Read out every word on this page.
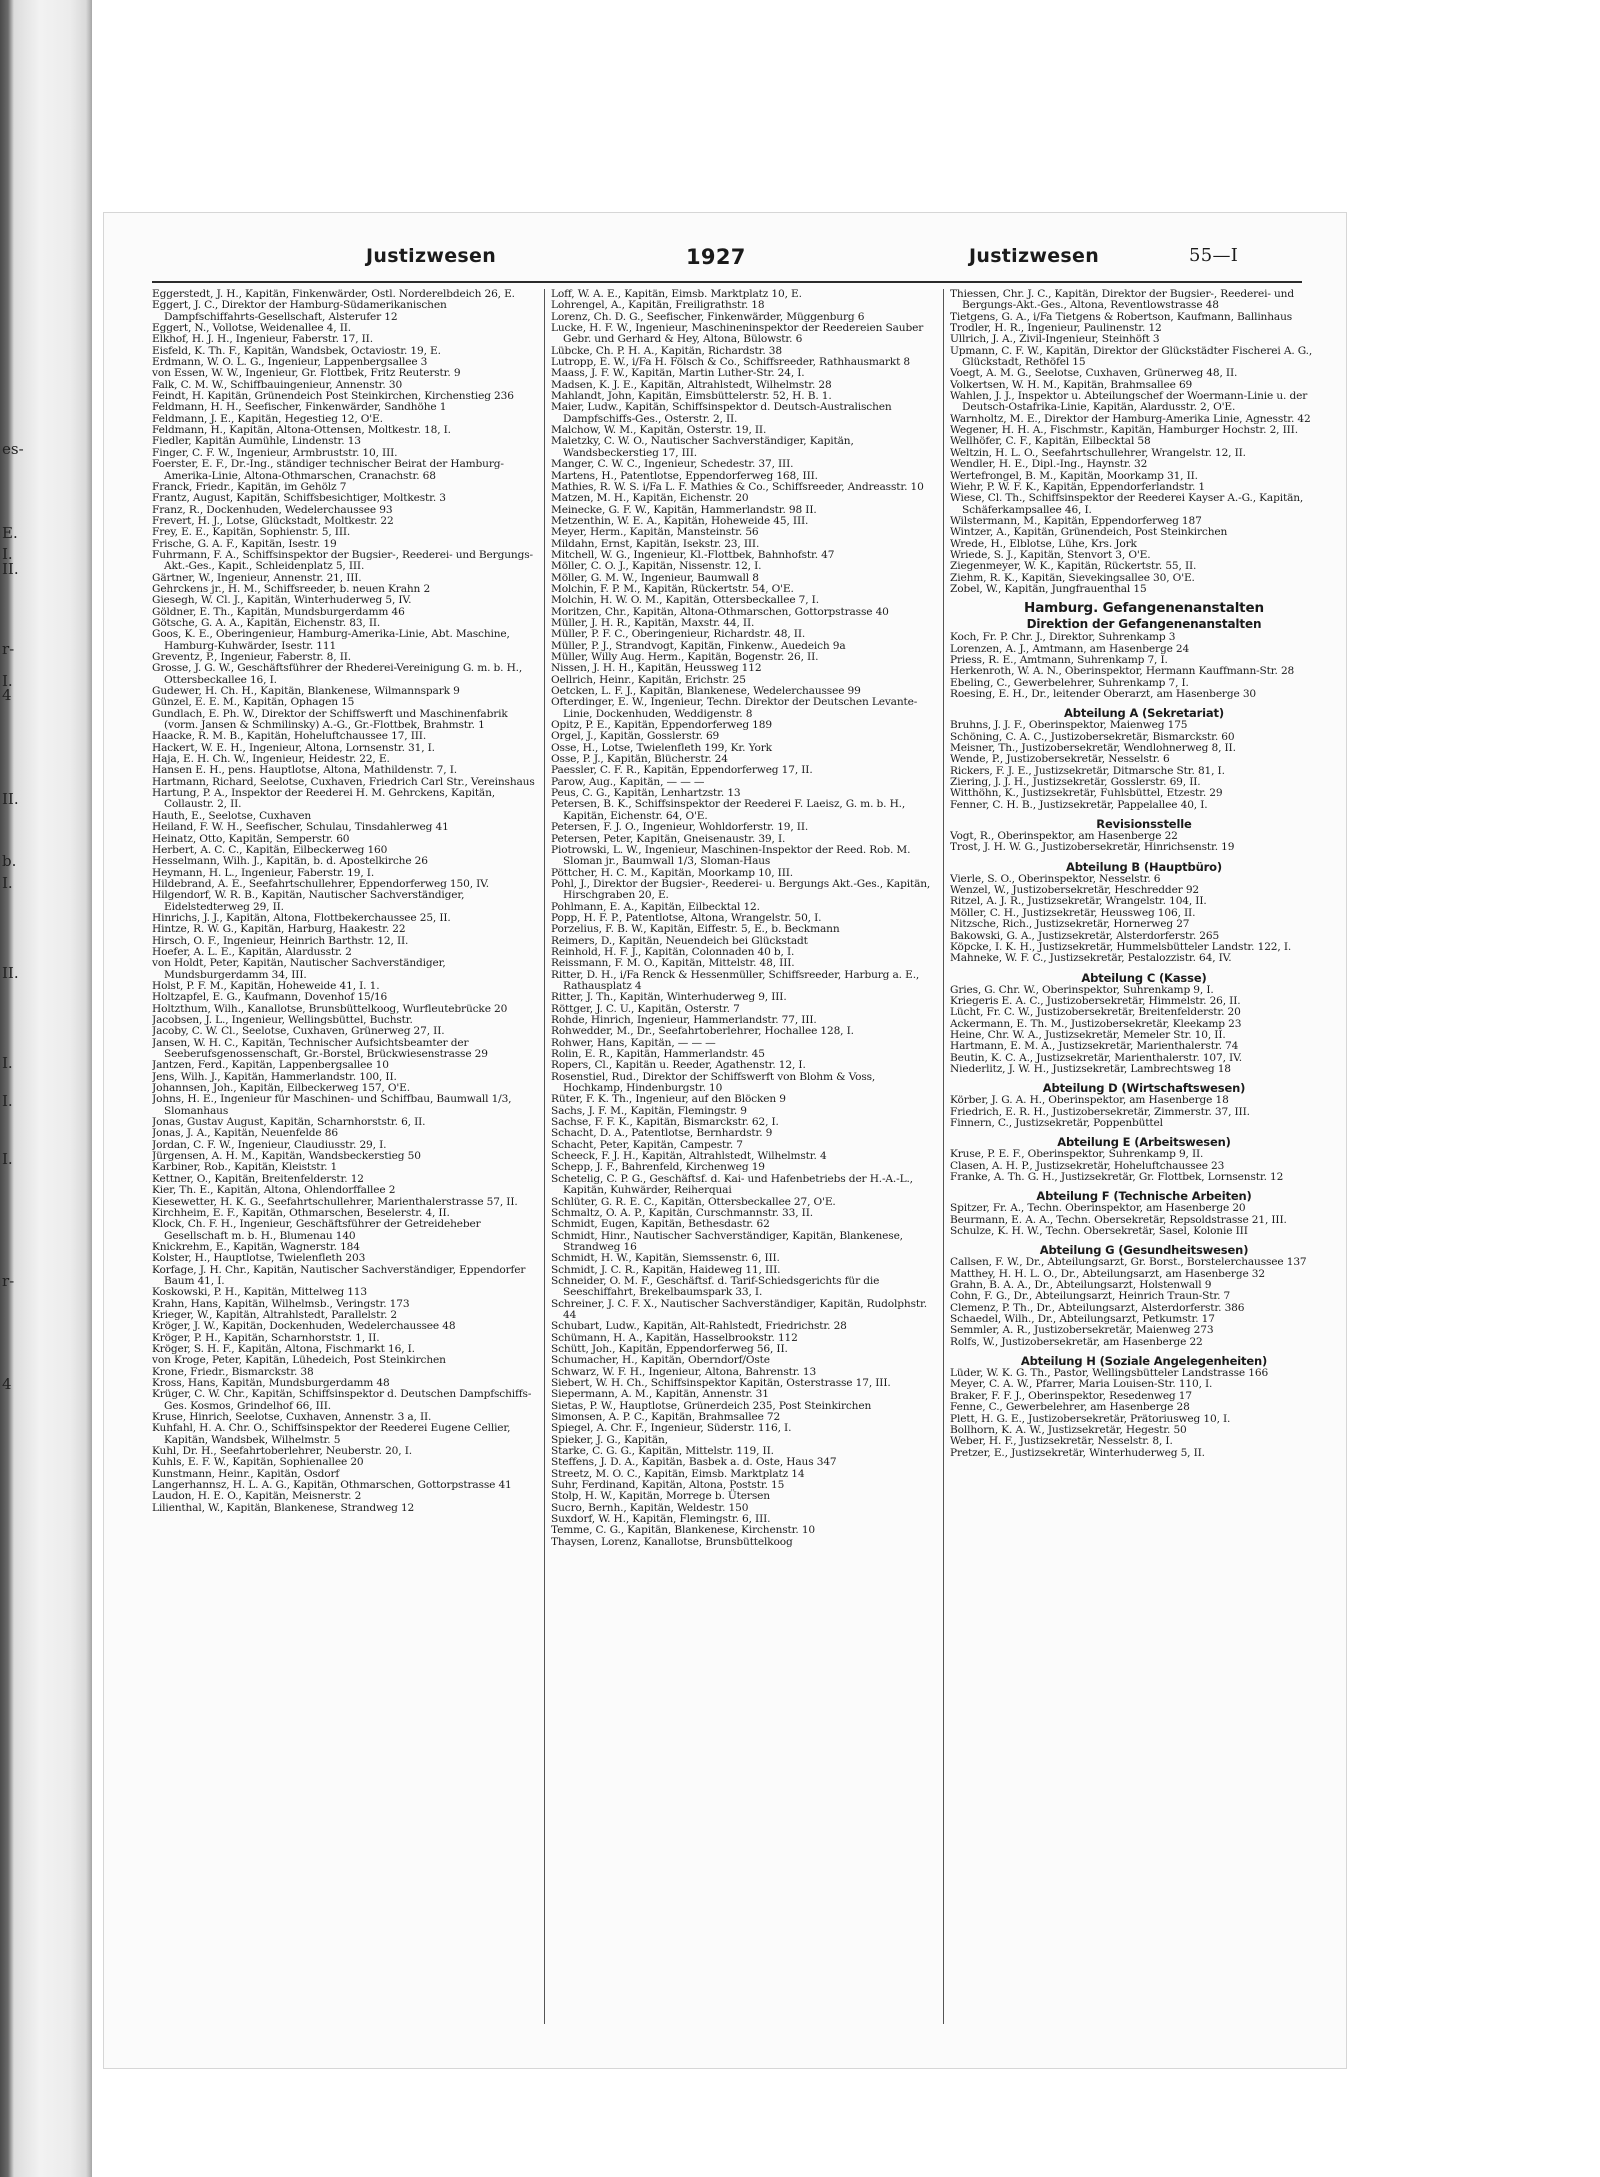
es-
E.
I.
II.
r-
I.
4
II.
b.
I.
II.
I.
I.
I.
r-
4
Justizwesen	1927	Justizwesen	55—I

Eggerstedt, J. H., Kapitän, Finkenwärder, Östl. Norderelbdeich 26, E.

Eggert, J. C., Direktor der Hamburg-Südamerikanischen Dampfschiffahrts-Gesellschaft, Alsterufer 12

Eggert, N., Vollotse, Weidenallee 4, II.

Elkhof, H. J. H., Ingenieur, Faberstr. 17, II.

Eisfeld, K. Th. F., Kapitän, Wandsbek, Octaviostr. 19, E.

Erdmann, W. O. L. G., Ingenieur, Lappenbergsallee 3

von Essen, W. W., Ingenieur, Gr. Flottbek, Fritz Reuterstr. 9

Falk, C. M. W., Schiffbauingenieur, Annenstr. 30

Feindt, H. Kapitän, Grünendeich Post Steinkirchen, Kirchenstieg 236

Feldmann, H. H., Seefischer, Finkenwärder, Sandhöhe 1

Feldmann, J. E., Kapitän, Hegestieg 12, O'E.

Feldmann, H., Kapitän, Altona-Ottensen, Moltkestr. 18, I.

Fiedler, Kapitän Aumühle, Lindenstr. 13

Finger, C. F. W., Ingenieur, Armbruststr. 10, III.

Foerster, E. F., Dr.-Ing., ständiger technischer Beirat der Hamburg-Amerika-Linie, Altona-Othmarschen, Cranachstr. 68

Franck, Friedr., Kapitän, im Gehölz 7

Frantz, August, Kapitän, Schiffsbesichtiger, Moltkestr. 3

Franz, R., Dockenhuden, Wedelerchaussee 93

Frevert, H. J., Lotse, Glückstadt, Moltkestr. 22

Frey, E. E., Kapitän, Sophienstr. 5, III.

Frische, G. A. F., Kapitän, Isestr. 19

Fuhrmann, F. A., Schiffsinspektor der Bugsier-, Reederei- und Bergungs-Akt.-Ges., Kapit., Schleidenplatz 5, III.

Gärtner, W., Ingenieur, Annenstr. 21, III.

Gehrckens jr., H. M., Schiffsreeder, b. neuen Krahn 2

Giesegh, W. Cl. J., Kapitän, Winterhuderweg 5, IV.

Göldner, E. Th., Kapitän, Mundsburgerdamm 46

Götsche, G. A. A., Kapitän, Eichenstr. 83, II.

Goos, K. E., Oberingenieur, Hamburg-Amerika-Linie, Abt. Maschine, Hamburg-Kuhwärder, Isestr. 111

Greventz, P., Ingenieur, Faberstr. 8, II.

Grosse, J. G. W., Geschäftsführer der Rhederei-Vereinigung G. m. b. H., Ottersbeckallee 16, I.

Gudewer, H. Ch. H., Kapitän, Blankenese, Wilmannspark 9

Günzel, E. E. M., Kapitän, Ophagen 15

Gundlach, E. Ph. W., Direktor der Schiffswerft und Maschinenfabrik (vorm. Jansen & Schmilinsky) A.-G., Gr.-Flottbek, Brahmstr. 1

Haacke, R. M. B., Kapitän, Hoheluftchaussee 17, III.

Hackert, W. E. H., Ingenieur, Altona, Lornsenstr. 31, I.

Haja, E. H. Ch. W., Ingenieur, Heidestr. 22, E.

Hansen E. H., pens. Hauptlotse, Altona, Mathildenstr. 7, I.

Hartmann, Richard, Seelotse, Cuxhaven, Friedrich Carl Str., Vereinshaus

Hartung, P. A., Inspektor der Reederei H. M. Gehrckens, Kapitän, Collaustr. 2, II.

Hauth, E., Seelotse, Cuxhaven

Heiland, F. W. H., Seefischer, Schulau, Tinsdahlerweg 41

Heinatz, Otto, Kapitän, Semperstr. 60

Herbert, A. C. C., Kapitän, Eilbeckerweg 160

Hesselmann, Wilh. J., Kapitän, b. d. Apostelkirche 26

Heymann, H. L., Ingenieur, Faberstr. 19, I.

Hildebrand, A. E., Seefahrtschullehrer, Eppendorferweg 150, IV.

Hilgendorf, W. R. B., Kapitän, Nautischer Sachverständiger, Eidelstedterweg 29, II.

Hinrichs, J. J., Kapitän, Altona, Flottbekerchaussee 25, II.

Hintze, R. W. G., Kapitän, Harburg, Haakestr. 22

Hirsch, O. F., Ingenieur, Heinrich Barthstr. 12, II.

Hoefer, A. L. E., Kapitän, Alardusstr. 2

von Holdt, Peter, Kapitän, Nautischer Sachverständiger, Mundsburgerdamm 34, III.

Holst, P. F. M., Kapitän, Hoheweide 41, I. 1.

Holtzapfel, E. G., Kaufmann, Dovenhof 15/16

Holtzthum, Wilh., Kanallotse, Brunsbüttelkoog, Wurfleutebrücke 20

Jacobsen, J. L., Ingenieur, Wellingsbüttel, Buchstr.

Jacoby, C. W. Cl., Seelotse, Cuxhaven, Grünerweg 27, II.

Jansen, W. H. C., Kapitän, Technischer Aufsichtsbeamter der Seeberufsgenossenschaft, Gr.-Borstel, Brückwiesenstrasse 29

Jantzen, Ferd., Kapitän, Lappenbergsallee 10

Jens, Wilh. J., Kapitän, Hammerlandstr. 100, II.

Johannsen, Joh., Kapitän, Eilbeckerweg 157, O'E.

Johns, H. E., Ingenieur für Maschinen- und Schiffbau, Baumwall 1/3, Slomanhaus

Jonas, Gustav August, Kapitän, Scharnhorststr. 6, II.

Jonas, J. A., Kapitän, Neuenfelde 86

Jordan, C. F. W., Ingenieur, Claudiusstr. 29, I.

Jürgensen, A. H. M., Kapitän, Wandsbeckerstieg 50

Karbiner, Rob., Kapitän, Kleiststr. 1

Kettner, O., Kapitän, Breitenfelderstr. 12

Kier, Th. E., Kapitän, Altona, Ohlendorffallee 2

Kiesewetter, H. K. G., Seefahrtschullehrer, Marienthalerstrasse 57, II.

Kirchheim, E. F., Kapitän, Othmarschen, Beselerstr. 4, II.

Klock, Ch. F. H., Ingenieur, Geschäftsführer der Getreideheber Gesellschaft m. b. H., Blumenau 140

Knickrehm, E., Kapitän, Wagnerstr. 184

Kolster, H., Hauptlotse, Twielenfleth 203

Korfage, J. H. Chr., Kapitän, Nautischer Sachverständiger, Eppendorfer Baum 41, I.

Koskowski, P. H., Kapitän, Mittelweg 113

Krahn, Hans, Kapitän, Wilhelmsb., Veringstr. 173

Krieger, W., Kapitän, Altrahlstedt, Parallelstr. 2

Kröger, J. W., Kapitän, Dockenhuden, Wedelerchaussee 48

Kröger, P. H., Kapitän, Scharnhorststr. 1, II.

Kröger, S. H. F., Kapitän, Altona, Fischmarkt 16, I.

von Kroge, Peter, Kapitän, Lühedeich, Post Steinkirchen

Krone, Friedr., Bismarckstr. 38

Kross, Hans, Kapitän, Mundsburgerdamm 48

Krüger, C. W. Chr., Kapitän, Schiffsinspektor d. Deutschen Dampfschiffs-Ges. Kosmos, Grindelhof 66, III.

Kruse, Hinrich, Seelotse, Cuxhaven, Annenstr. 3 a, II.

Kuhfahl, H. A. Chr. O., Schiffsinspektor der Reederei Eugene Cellier, Kapitän, Wandsbek, Wilhelmstr. 5

Kuhl, Dr. H., Seefahrtoberlehrer, Neuberstr. 20, I.

Kuhls, E. F. W., Kapitän, Sophienallee 20

Kunstmann, Heinr., Kapitän, Osdorf

Langerhannsz, H. L. A. G., Kapitän, Othmarschen, Gottorpstrasse 41

Laudon, H. E. O., Kapitän, Meisnerstr. 2

Lilienthal, W., Kapitän, Blankenese, Strandweg 12

Loff, W. A. E., Kapitän, Eimsb. Marktplatz 10, E.

Lohrengel, A., Kapitän, Freiligrathstr. 18

Lorenz, Ch. D. G., Seefischer, Finkenwärder, Müggenburg 6

Lucke, H. F. W., Ingenieur, Maschineninspektor der Reedereien Sauber Gebr. und Gerhard & Hey, Altona, Bülowstr. 6

Lübcke, Ch. P. H. A., Kapitän, Richardstr. 38

Lutropp, E. W., i/Fa H. Fölsch & Co., Schiffsreeder, Rathhausmarkt 8

Maass, J. F. W., Kapitän, Martin Luther-Str. 24, I.

Madsen, K. J. E., Kapitän, Altrahlstedt, Wilhelmstr. 28

Mahlandt, John, Kapitän, Eimsbüttelerstr. 52, H. B. 1.

Maier, Ludw., Kapitän, Schiffsinspektor d. Deutsch-Australischen Dampfschiffs-Ges., Osterstr. 2, II.

Malchow, W. M., Kapitän, Osterstr. 19, II.

Maletzky, C. W. O., Nautischer Sachverständiger, Kapitän, Wandsbeckerstieg 17, III.

Manger, C. W. C., Ingenieur, Schedestr. 37, III.

Martens, H., Patentlotse, Eppendorferweg 168, III.

Mathies, R. W. S. i/Fa L. F. Mathies & Co., Schiffsreeder, Andreasstr. 10

Matzen, M. H., Kapitän, Eichenstr. 20

Meinecke, G. F. W., Kapitän, Hammerlandstr. 98 II.

Metzenthin, W. E. A., Kapitän, Hoheweide 45, III.

Meyer, Herm., Kapitän, Mansteinstr. 56

Mildahn, Ernst, Kapitän, Isekstr. 23, III.

Mitchell, W. G., Ingenieur, Kl.-Flottbek, Bahnhofstr. 47

Möller, C. O. J., Kapitän, Nissenstr. 12, I.

Möller, G. M. W., Ingenieur, Baumwall 8

Molchin, F. P. M., Kapitän, Rückertstr. 54, O'E.

Molchin, H. W. O. M., Kapitän, Ottersbeckallee 7, I.

Moritzen, Chr., Kapitän, Altona-Othmarschen, Gottorpstrasse 40

Müller, J. H. R., Kapitän, Maxstr. 44, II.

Müller, P. F. C., Oberingenieur, Richardstr. 48, II.

Müller, P. J., Strandvogt, Kapitän, Finkenw., Auedeich 9a

Müller, Willy Aug. Herm., Kapitän, Bogenstr. 26, II.

Nissen, J. H. H., Kapitän, Heussweg 112

Oellrich, Heinr., Kapitän, Erichstr. 25

Oetcken, L. F. J., Kapitän, Blankenese, Wedelerchaussee 99

Ofterdinger, E. W., Ingenieur, Techn. Direktor der Deutschen Levante-Linie, Dockenhuden, Weddigenstr. 8

Opitz, P. E., Kapitän, Eppendorferweg 189

Orgel, J., Kapitän, Gosslerstr. 69

Osse, H., Lotse, Twielenfleth 199, Kr. York

Osse, P. J., Kapitän, Blücherstr. 24

Paessler, C. F. R., Kapitän, Eppendorferweg 17, II.

Parow, Aug., Kapitän, — — —

Peus, C. G., Kapitän, Lenhartzstr. 13

Petersen, B. K., Schiffsinspektor der Reederei F. Laeisz, G. m. b. H., Kapitän, Eichenstr. 64, O'E.

Petersen, F. J. O., Ingenieur, Wohldorferstr. 19, II.

Petersen, Peter, Kapitän, Gneisenaustr. 39, I.

Piotrowski, L. W., Ingenieur, Maschinen-Inspektor der Reed. Rob. M. Sloman jr., Baumwall 1/3, Sloman-Haus

Pöttcher, H. C. M., Kapitän, Moorkamp 10, III.

Pohl, J., Direktor der Bugsier-, Reederei- u. Bergungs Akt.-Ges., Kapitän, Hirschgraben 20, E.

Pohlmann, E. A., Kapitän, Eilbecktal 12.

Popp, H. F. P., Patentlotse, Altona, Wrangelstr. 50, I.

Porzelius, F. B. W., Kapitän, Eiffestr. 5, E., b. Beckmann

Reimers, D., Kapitän, Neuendeich bei Glückstadt

Reinhold, H. F. J., Kapitän, Colonnaden 40 b, I.

Reissmann, F. M. O., Kapitän, Mittelstr. 48, III.

Ritter, D. H., i/Fa Renck & Hessenmüller, Schiffsreeder, Harburg a. E., Rathausplatz 4

Ritter, J. Th., Kapitän, Winterhuderweg 9, III.

Röttger, J. C. U., Kapitän, Osterstr. 7

Rohde, Hinrich, Ingenieur, Hammerlandstr. 77, III.

Rohwedder, M., Dr., Seefahrtoberlehrer, Hochallee 128, I.

Rohwer, Hans, Kapitän, — — —

Rolin, E. R., Kapitän, Hammerlandstr. 45

Ropers, Cl., Kapitän u. Reeder, Agathenstr. 12, I.

Rosenstiel, Rud., Direktor der Schiffswerft von Blohm & Voss, Hochkamp, Hindenburgstr. 10

Rüter, F. K. Th., Ingenieur, auf den Blöcken 9

Sachs, J. F. M., Kapitän, Flemingstr. 9

Sachse, F. F. K., Kapitän, Bismarckstr. 62, I.

Schacht, D. A., Patentlotse, Bernhardstr. 9

Schacht, Peter, Kapitän, Campestr. 7

Scheeck, F. J. H., Kapitän, Altrahlstedt, Wilhelmstr. 4

Schepp, J. F., Bahrenfeld, Kirchenweg 19

Schetelig, C. P. G., Geschäftsf. d. Kai- und Hafenbetriebs der H.-A.-L., Kapitän, Kuhwärder, Reiherquai

Schlüter, G. R. E. C., Kapitän, Ottersbeckallee 27, O'E.

Schmaltz, O. A. P., Kapitän, Curschmannstr. 33, II.

Schmidt, Eugen, Kapitän, Bethesdastr. 62

Schmidt, Hinr., Nautischer Sachverständiger, Kapitän, Blankenese, Strandweg 16

Schmidt, H. W., Kapitän, Siemssenstr. 6, III.

Schmidt, J. C. R., Kapitän, Haideweg 11, III.

Schneider, O. M. F., Geschäftsf. d. Tarif-Schiedsgerichts für die Seeschiffahrt, Brekelbaumspark 33, I.

Schreiner, J. C. F. X., Nautischer Sachverständiger, Kapitän, Rudolphstr. 44

Schubart, Ludw., Kapitän, Alt-Rahlstedt, Friedrichstr. 28

Schümann, H. A., Kapitän, Hasselbrookstr. 112

Schütt, Joh., Kapitän, Eppendorferweg 56, II.

Schumacher, H., Kapitän, Oberndorf/Oste

Schwarz, W. F. H., Ingenieur, Altona, Bahrenstr. 13

Siebert, W. H. Ch., Schiffsinspektor Kapitän, Osterstrasse 17, III.

Siepermann, A. M., Kapitän, Annenstr. 31

Sietas, P. W., Hauptlotse, Grünerdeich 235, Post Steinkirchen

Simonsen, A. P. C., Kapitän, Brahmsallee 72

Spiegel, A. Chr. F., Ingenieur, Süderstr. 116, I.

Spieker, J. G., Kapitän,

Starke, C. G. G., Kapitän, Mittelstr. 119, II.

Steffens, J. D. A., Kapitän, Basbek a. d. Oste, Haus 347

Streetz, M. O. C., Kapitän, Eimsb. Marktplatz 14

Suhr, Ferdinand, Kapitän, Altona, Poststr. 15

Stolp, H. W., Kapitän, Morrege b. Ütersen

Sucro, Bernh., Kapitän, Weldestr. 150

Suxdorf, W. H., Kapitän, Flemingstr. 6, III.

Temme, C. G., Kapitän, Blankenese, Kirchenstr. 10

Thaysen, Lorenz, Kanallotse, Brunsbüttelkoog

Thiessen, Chr. J. C., Kapitän, Direktor der Bugsier-, Reederei- und Bergungs-Akt.-Ges., Altona, Reventlowstrasse 48

Tietgens, G. A., i/Fa Tietgens & Robertson, Kaufmann, Ballinhaus

Trodler, H. R., Ingenieur, Paulinenstr. 12

Ullrich, J. A., Zivil-Ingenieur, Steinhöft 3

Upmann, C. F. W., Kapitän, Direktor der Glückstädter Fischerei A. G., Glückstadt, Rethöfel 15

Voegt, A. M. G., Seelotse, Cuxhaven, Grünerweg 48, II.

Volkertsen, W. H. M., Kapitän, Brahmsallee 69

Wahlen, J. J., Inspektor u. Abteilungschef der Woermann-Linie u. der Deutsch-Ostafrika-Linie, Kapitän, Alardusstr. 2, O'E.

Warnholtz, M. E., Direktor der Hamburg-Amerika Linie, Agnesstr. 42

Wegener, H. H. A., Fischmstr., Kapitän, Hamburger Hochstr. 2, III.

Wellhöfer, C. F., Kapitän, Eilbecktal 58

Weltzin, H. L. O., Seefahrtschullehrer, Wrangelstr. 12, II.

Wendler, H. E., Dipl.-Ing., Haynstr. 32

Wertefrongel, B. M., Kapitän, Moorkamp 31, II.

Wiehr, P. W. F. K., Kapitän, Eppendorferlandstr. 1

Wiese, Cl. Th., Schiffsinspektor der Reederei Kayser A.-G., Kapitän, Schäferkampsallee 46, I.

Wilstermann, M., Kapitän, Eppendorferweg 187

Wintzer, A., Kapitän, Grünendeich, Post Steinkirchen

Wrede, H., Elblotse, Lühe, Krs. Jork

Wriede, S. J., Kapitän, Stenvort 3, O'E.

Ziegenmeyer, W. K., Kapitän, Rückertstr. 55, II.

Ziehm, R. K., Kapitän, Sievekingsallee 30, O'E.

Zobel, W., Kapitän, Jungfrauenthal 15

Hamburg. Gefangenenanstalten

Direktion der Gefangenenanstalten

Koch, Fr. P. Chr. J., Direktor, Suhrenkamp 3

Lorenzen, A. J., Amtmann, am Hasenberge 24

Priess, R. E., Amtmann, Suhrenkamp 7, I.

Herkenroth, W. A. N., Oberinspektor, Hermann Kauffmann-Str. 28

Ebeling, C., Gewerbelehrer, Suhrenkamp 7, I.

Roesing, E. H., Dr., leitender Oberarzt, am Hasenberge 30

Abteilung A (Sekretariat)

Bruhns, J. J. F., Oberinspektor, Maienweg 175

Schöning, C. A. C., Justizobersekretär, Bismarckstr. 60

Meisner, Th., Justizobersekretär, Wendlohnerweg 8, II.

Wende, P., Justizobersekretär, Nesselstr. 6

Rickers, F. J. E., Justizsekretär, Ditmarsche Str. 81, I.

Ziering, J. J. H., Justizsekretär, Gosslerstr. 69, II.

Witthöhn, K., Justizsekretär, Fuhlsbüttel, Etzestr. 29

Fenner, C. H. B., Justizsekretär, Pappelallee 40, I.

Revisionsstelle

Vogt, R., Oberinspektor, am Hasenberge 22

Trost, J. H. W. G., Justizobersekretär, Hinrichsenstr. 19

Abteilung B (Hauptbüro)

Vierle, S. O., Oberinspektor, Nesselstr. 6

Wenzel, W., Justizobersekretär, Heschredder 92

Ritzel, A. J. R., Justizsekretär, Wrangelstr. 104, II.

Möller, C. H., Justizsekretär, Heussweg 106, II.

Nitzsche, Rich., Justizsekretär, Hornerweg 27

Bakowski, G. A., Justizsekretär, Alsterdorferstr. 265

Köpcke, I. K. H., Justizsekretär, Hummelsbütteler Landstr. 122, I.

Mahneke, W. F. C., Justizsekretär, Pestalozzistr. 64, IV.

Abteilung C (Kasse)

Gries, G. Chr. W., Oberinspektor, Suhrenkamp 9, I.

Kriegeris E. A. C., Justizobersekretär, Himmelstr. 26, II.

Lücht, Fr. C. W., Justizobersekretär, Breitenfelderstr. 20

Ackermann, E. Th. M., Justizobersekretär, Kleekamp 23

Heine, Chr. W. A., Justizsekretär, Memeler Str. 10, II.

Hartmann, E. M. A., Justizsekretär, Marienthalerstr. 74

Beutin, K. C. A., Justizsekretär, Marienthalerstr. 107, IV.

Niederlitz, J. W. H., Justizsekretär, Lambrechtsweg 18

Abteilung D (Wirtschaftswesen)

Körber, J. G. A. H., Oberinspektor, am Hasenberge 18

Friedrich, E. R. H., Justizobersekretär, Zimmerstr. 37, III.

Finnern, C., Justizsekretär, Poppenbüttel

Abteilung E (Arbeitswesen)

Kruse, P. E. F., Oberinspektor, Suhrenkamp 9, II.

Clasen, A. H. P., Justizsekretär, Hoheluftchaussee 23

Franke, A. Th. G. H., Justizsekretär, Gr. Flottbek, Lornsenstr. 12

Abteilung F (Technische Arbeiten)

Spitzer, Fr. A., Techn. Oberinspektor, am Hasenberge 20

Beurmann, E. A. A., Techn. Obersekretär, Repsoldstrasse 21, III.

Schulze, K. H. W., Techn. Obersekretär, Sasel, Kolonie III

Abteilung G (Gesundheitswesen)

Callsen, F. W., Dr., Abteilungsarzt, Gr. Borst., Borstelerchaussee 137

Matthey, H. H. L. O., Dr., Abteilungsarzt, am Hasenberge 32

Grahn, B. A. A., Dr., Abteilungsarzt, Holstenwall 9

Cohn, F. G., Dr., Abteilungsarzt, Heinrich Traun-Str. 7

Clemenz, P. Th., Dr., Abteilungsarzt, Alsterdorferstr. 386

Schaedel, Wilh., Dr., Abteilungsarzt, Petkumstr. 17

Semmler, A. R., Justizobersekretär, Maienweg 273

Rolfs, W., Justizobersekretär, am Hasenberge 22

Abteilung H (Soziale Angelegenheiten)

Lüder, W. K. G. Th., Pastor, Wellingsbütteler Landstrasse 166

Meyer, C. A. W., Pfarrer, Maria Louisen-Str. 110, I.

Braker, F. F. J., Oberinspektor, Resedenweg 17

Fenne, C., Gewerbelehrer, am Hasenberge 28

Plett, H. G. E., Justizobersekretär, Prätoriusweg 10, I.

Bollhorn, K. A. W., Justizsekretär, Hegestr. 50

Weber, H. F., Justizsekretär, Nesselstr. 8, I.

Pretzer, E., Justizsekretär, Winterhuderweg 5, II.
